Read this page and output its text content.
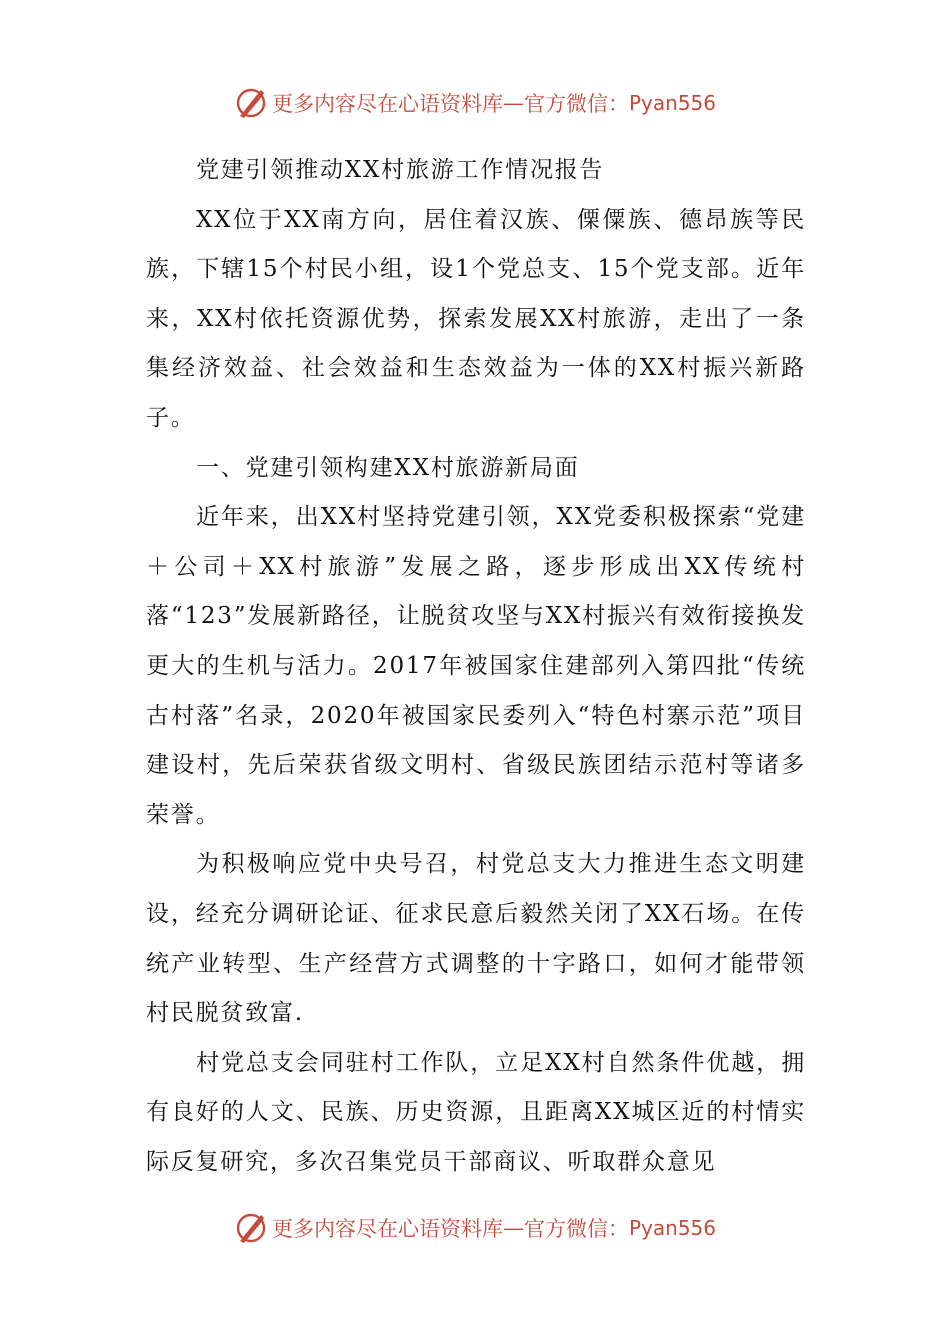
更多内容尽在心语资料库 — 官方微信： Pyan556

党建引领推动XX村旅游工作情况报告

XX位于XX南方向，居住着汉族、傈僳族、德昂族等民族，下辖15个村民小组，设1个党总支、15个党支部。近年来，XX村依托资源优势，探索发展XX村旅游，走出了一条集经济效益、社会效益和生态效益为一体的XX村振兴新路子。

一、党建引领构建XX村旅游新局面

近年来，出XX村坚持党建引领，XX党委积极探索“党建＋公司＋XX村旅游”发展之路，逐步形成出XX传统村落“123”发展新路径，让脱贫攻坚与XX村振兴有效衔接换发更大的生机与活力。2017年被国家住建部列入第四批“传统古村落”名录，2020年被国家民委列入“特色村寨示范”项目建设村，先后荣获省级文明村、省级民族团结示范村等诸多荣誉。

为积极响应党中央号召，村党总支大力推进生态文明建设，经充分调研论证、征求民意后毅然关闭了XX石场。在传统产业转型、生产经营方式调整的十字路口，如何才能带领村民脱贫致富.

村党总支会同驻村工作队，立足XX村自然条件优越，拥有良好的人文、民族、历史资源，且距离XX城区近的村情实际反复研究，多次召集党员干部商议、听取群众意见

更多内容尽在心语资料库 — 官方微信： Pyan556
